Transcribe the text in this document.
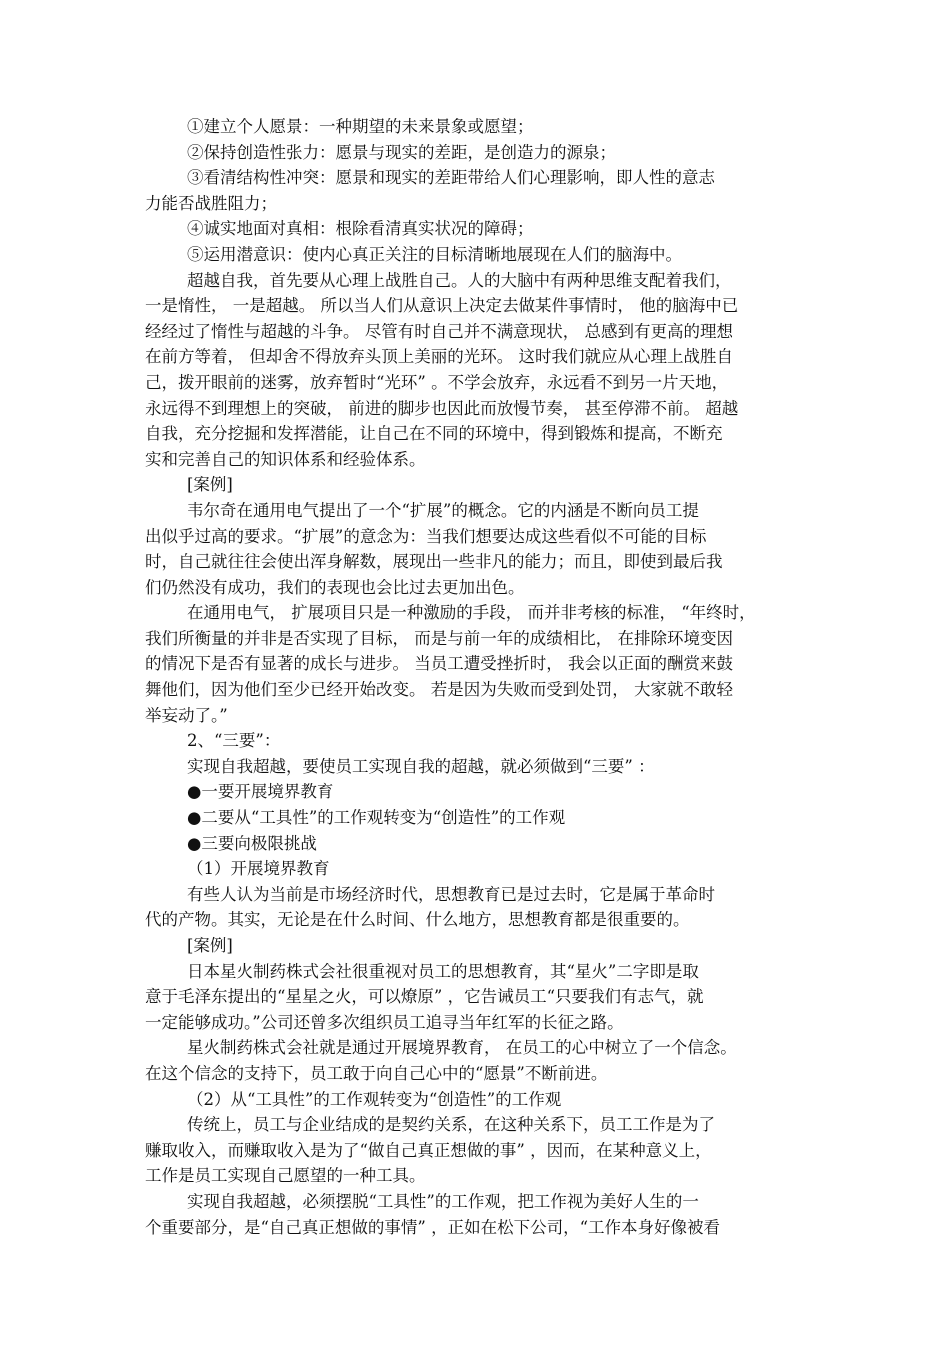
①建立个人愿景：一种期望的未来景象或愿望；
②保持创造性张力：愿景与现实的差距，是创造力的源泉；
③看清结构性冲突：愿景和现实的差距带给人们心理影响，即人性的意志
力能否战胜阻力；
④诚实地面对真相：根除看清真实状况的障碍；
⑤运用潜意识：使内心真正关注的目标清晰地展现在人们的脑海中。
超越自我，首先要从心理上战胜自己。人的大脑中有两种思维支配着我们，
一是惰性， 一是超越。 所以当人们从意识上决定去做某件事情时， 他的脑海中已
经经过了惰性与超越的斗争。 尽管有时自己并不满意现状， 总感到有更高的理想
在前方等着， 但却舍不得放弃头顶上美丽的光环。 这时我们就应从心理上战胜自
己，拨开眼前的迷雾，放弃暂时“光环” 。不学会放弃，永远看不到另一片天地，
永远得不到理想上的突破， 前进的脚步也因此而放慢节奏， 甚至停滞不前。 超越
自我，充分挖掘和发挥潜能，让自己在不同的环境中，得到锻炼和提高，不断充
实和完善自己的知识体系和经验体系。
[案例]
韦尔奇在通用电气提出了一个“扩展”的概念。它的内涵是不断向员工提
出似乎过高的要求。“扩展”的意念为：当我们想要达成这些看似不可能的目标
时，自己就往往会使出浑身解数，展现出一些非凡的能力；而且，即使到最后我
们仍然没有成功，我们的表现也会比过去更加出色。
在通用电气， 扩展项目只是一种激励的手段， 而并非考核的标准， “年终时，
我们所衡量的并非是否实现了目标， 而是与前一年的成绩相比， 在排除环境变因
的情况下是否有显著的成长与进步。 当员工遭受挫折时， 我会以正面的酬赏来鼓
舞他们，因为他们至少已经开始改变。 若是因为失败而受到处罚， 大家就不敢轻
举妄动了。”
2、“三要”：
实现自我超越，要使员工实现自我的超越，就必须做到“三要” ：
●一要开展境界教育
●二要从“工具性”的工作观转变为“创造性”的工作观
●三要向极限挑战
（1）开展境界教育
有些人认为当前是市场经济时代，思想教育已是过去时，它是属于革命时
代的产物。其实，无论是在什么时间、什么地方，思想教育都是很重要的。
[案例]
日本星火制药株式会社很重视对员工的思想教育，其“星火”二字即是取
意于毛泽东提出的“星星之火，可以燎原” ，它告诫员工“只要我们有志气，就
一定能够成功。”公司还曾多次组织员工追寻当年红军的长征之路。
星火制药株式会社就是通过开展境界教育， 在员工的心中树立了一个信念。
在这个信念的支持下，员工敢于向自己心中的“愿景”不断前进。
（2）从“工具性”的工作观转变为“创造性”的工作观
传统上，员工与企业结成的是契约关系，在这种关系下，员工工作是为了
赚取收入，而赚取收入是为了“做自己真正想做的事” ，因而，在某种意义上，
工作是员工实现自己愿望的一种工具。
实现自我超越，必须摆脱“工具性”的工作观，把工作视为美好人生的一
个重要部分，是“自己真正想做的事情” ，正如在松下公司，“工作本身好像被看
